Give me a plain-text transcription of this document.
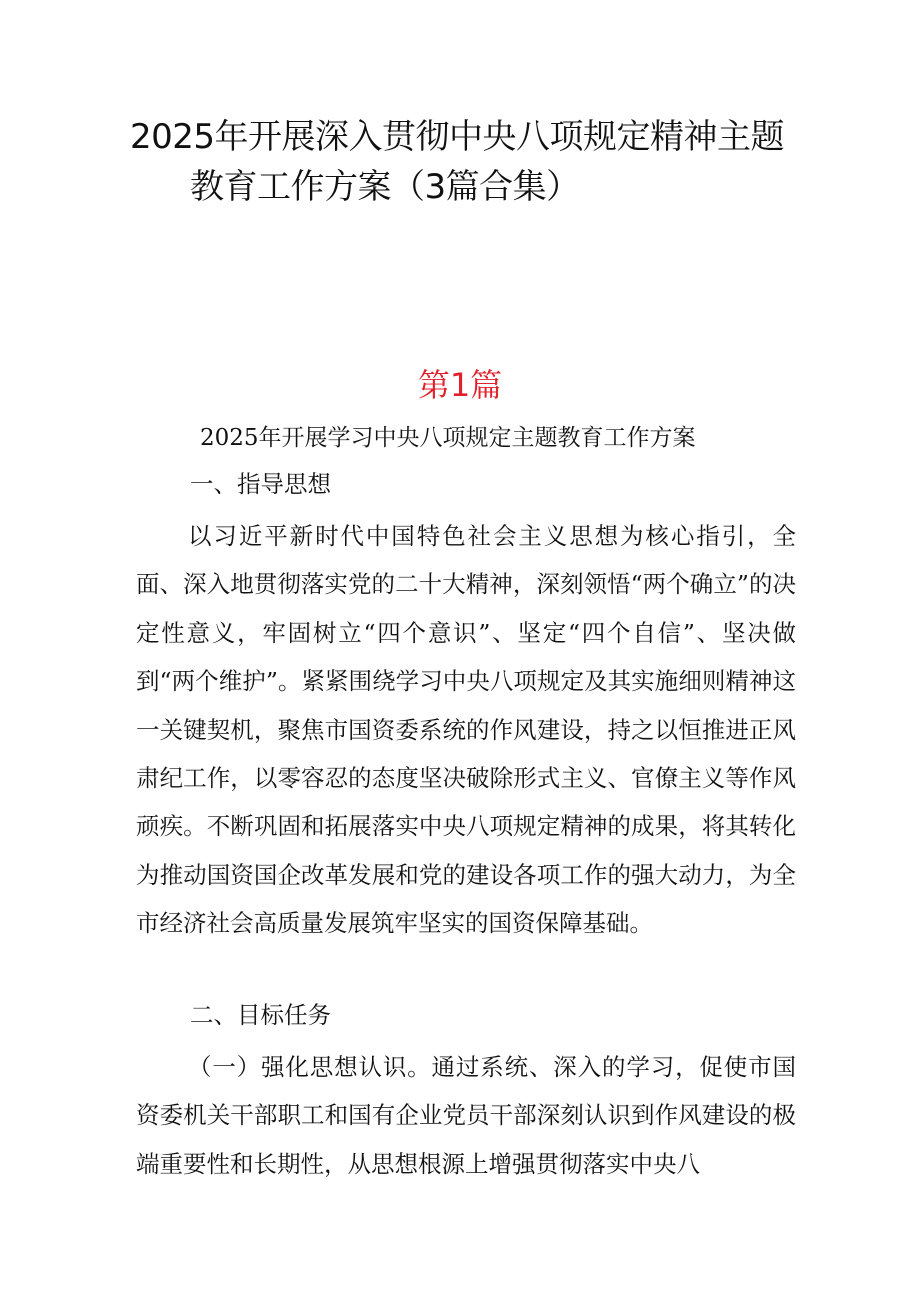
2025年开展深入贯彻中央八项规定精神主题
教育工作方案（3篇合集）
第1篇
2025年开展学习中央八项规定主题教育工作方案
一、指导思想

以习近平新时代中国特色社会主义思想为核心指引，全面、深入地贯彻落实党的二十大精神，深刻领悟“两个确立”的决定性意义，牢固树立“四个意识”、坚定“四个自信”、坚决做到“两个维护”。紧紧围绕学习中央八项规定及其实施细则精神这一关键契机，聚焦市国资委系统的作风建设，持之以恒推进正风肃纪工作，以零容忍的态度坚决破除形式主义、官僚主义等作风顽疾。不断巩固和拓展落实中央八项规定精神的成果，将其转化为推动国资国企改革发展和党的建设各项工作的强大动力，为全市经济社会高质量发展筑牢坚实的国资保障基础。

二、目标任务

（一）强化思想认识。通过系统、深入的学习，促使市国资委机关干部职工和国有企业党员干部深刻认识到作风建设的极端重要性和长期性，从思想根源上增强贯彻落实中央八
